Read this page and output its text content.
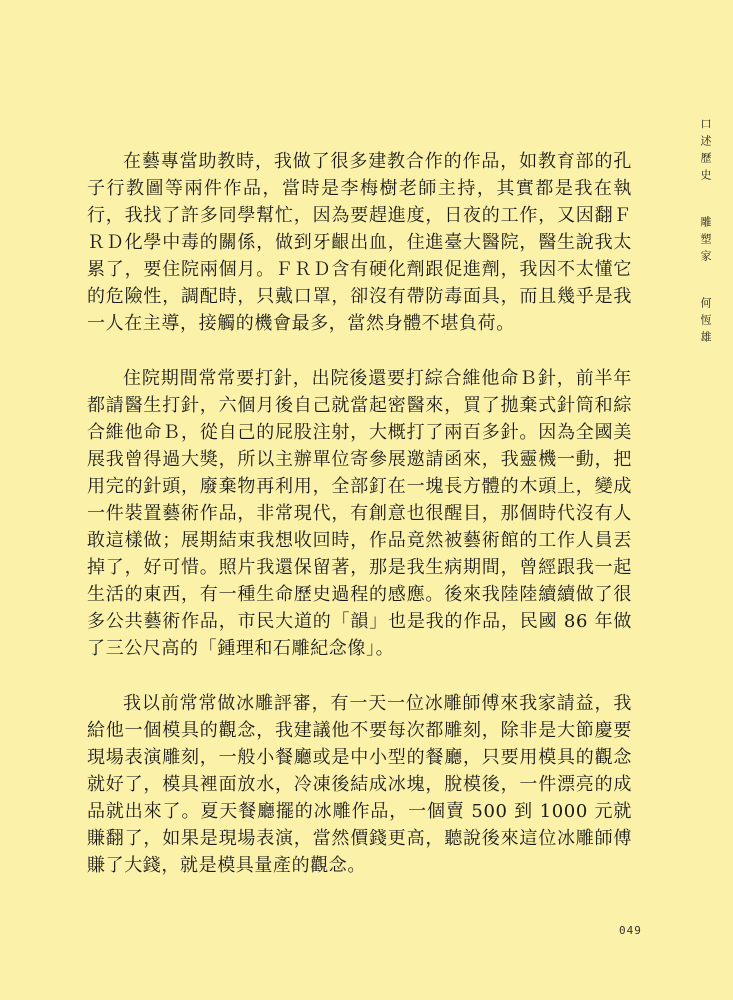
口述歷史
雕塑家
何恆雄

在藝專當助教時，我做了很多建教合作的作品，如教育部的孔子行教圖等兩件作品，當時是李梅樹老師主持，其實都是我在執行，我找了許多同學幫忙，因為要趕進度，日夜的工作，又因翻ＦＲＤ化學中毒的關係，做到牙齦出血，住進臺大醫院，醫生說我太累了，要住院兩個月。ＦＲＤ含有硬化劑跟促進劑，我因不太懂它的危險性，調配時，只戴口罩，卻沒有帶防毒面具，而且幾乎是我一人在主導，接觸的機會最多，當然身體不堪負荷。

住院期間常常要打針，出院後還要打綜合維他命Ｂ針，前半年都請醫生打針，六個月後自己就當起密醫來，買了拋棄式針筒和綜合維他命Ｂ，從自己的屁股注射，大概打了兩百多針。因為全國美展我曾得過大獎，所以主辦單位寄參展邀請函來，我靈機一動，把用完的針頭，廢棄物再利用，全部釘在一塊長方體的木頭上，變成一件裝置藝術作品，非常現代，有創意也很醒目，那個時代沒有人敢這樣做；展期結束我想收回時，作品竟然被藝術館的工作人員丟掉了，好可惜。照片我還保留著，那是我生病期間，曾經跟我一起生活的東西，有一種生命歷史過程的感應。後來我陸陸續續做了很多公共藝術作品，市民大道的「韻」也是我的作品，民國 86 年做了三公尺高的「鍾理和石雕紀念像」。

我以前常常做冰雕評審，有一天一位冰雕師傅來我家請益，我給他一個模具的觀念，我建議他不要每次都雕刻，除非是大節慶要現場表演雕刻，一般小餐廳或是中小型的餐廳，只要用模具的觀念就好了，模具裡面放水，冷凍後結成冰塊，脫模後，一件漂亮的成品就出來了。夏天餐廳擺的冰雕作品，一個賣 500 到 1000 元就賺翻了，如果是現場表演，當然價錢更高，聽說後來這位冰雕師傅賺了大錢，就是模具量產的觀念。

049
